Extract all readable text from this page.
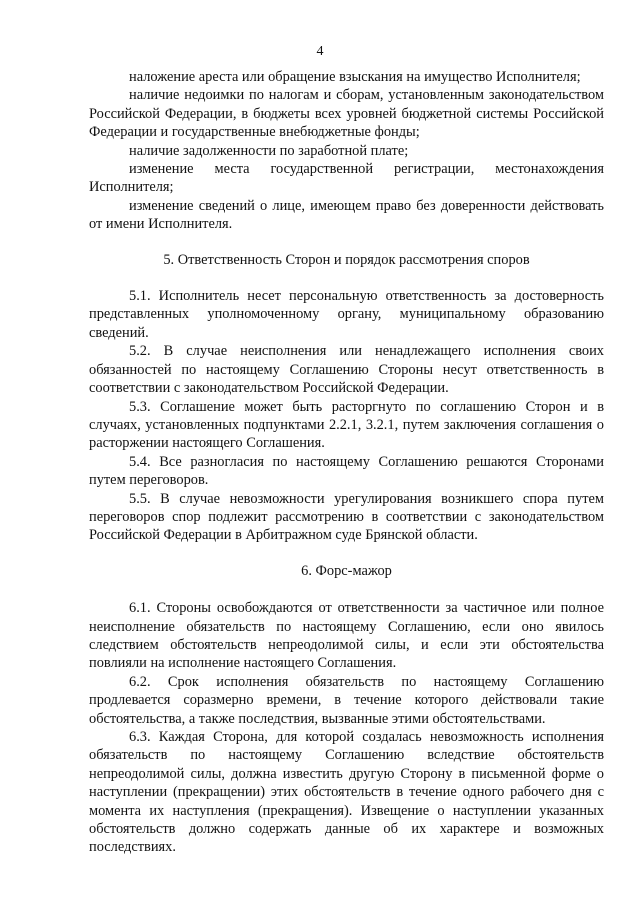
4

наложение ареста или обращение взыскания на имущество Исполнителя;

наличие недоимки по налогам и сборам, установленным законодательством Российской Федерации, в бюджеты всех уровней бюджетной системы Российской Федерации и государственные внебюджетные фонды;

наличие задолженности по заработной плате;

изменение места государственной регистрации, местонахождения Исполнителя;

изменение сведений о лице, имеющем право без доверенности действовать от имени Исполнителя.

5. Ответственность Сторон и порядок рассмотрения споров

5.1. Исполнитель несет персональную ответственность за достоверность представленных уполномоченному органу, муниципальному образованию сведений.

5.2. В случае неисполнения или ненадлежащего исполнения своих обязанностей по настоящему Соглашению Стороны несут ответственность в соответствии с законодательством Российской Федерации.

5.3. Соглашение может быть расторгнуто по соглашению Сторон и в случаях, установленных подпунктами 2.2.1, 3.2.1, путем заключения соглашения о расторжении настоящего Соглашения.

5.4. Все разногласия по настоящему Соглашению решаются Сторонами путем переговоров.

5.5. В случае невозможности урегулирования возникшего спора путем переговоров спор подлежит рассмотрению в соответствии с законодательством Российской Федерации в Арбитражном суде Брянской области.

6. Форс-мажор

6.1. Стороны освобождаются от ответственности за частичное или полное неисполнение обязательств по настоящему Соглашению, если оно явилось следствием обстоятельств непреодолимой силы, и если эти обстоятельства повлияли на исполнение настоящего Соглашения.

6.2. Срок исполнения обязательств по настоящему Соглашению продлевается соразмерно времени, в течение которого действовали такие обстоятельства, а также последствия, вызванные этими обстоятельствами.

6.3. Каждая Сторона, для которой создалась невозможность исполнения обязательств по настоящему Соглашению вследствие обстоятельств непреодолимой силы, должна известить другую Сторону в письменной форме о наступлении (прекращении) этих обстоятельств в течение одного рабочего дня с момента их наступления (прекращения). Извещение о наступлении указанных обстоятельств должно содержать данные об их характере и возможных последствиях.
